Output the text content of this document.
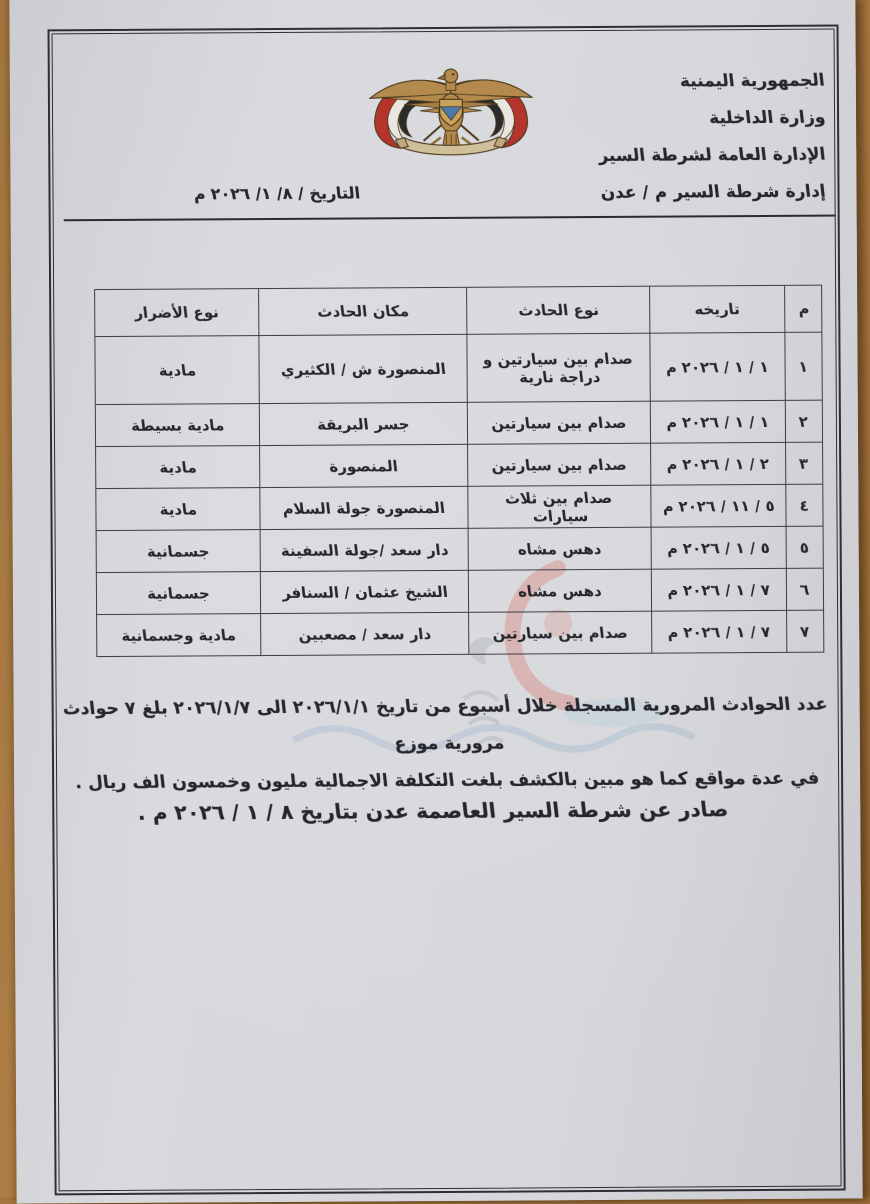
الجمهورية اليمنية
وزارة الداخلية
الإدارة العامة لشرطة السير
إدارة شرطة السير م / عدن
التاريخ / ٨/ ١/ ٢٠٢٦ م
م	تاريخه	نوع الحادث	مكان الحادث	نوع الأضرار
١	١ / ١ / ٢٠٢٦ م	صدام بين سيارتين و دراجة نارية	المنصورة ش / الكثيري	مادية
٢	١ / ١ / ٢٠٢٦ م	صدام بين سيارتين	جسر البريقة	مادية بسيطة
٣	٢ / ١ / ٢٠٢٦ م	صدام بين سيارتين	المنصورة	مادية
٤	٥ / ١١ / ٢٠٢٦ م	صدام بين ثلاث سيارات	المنصورة جولة السلام	مادية
٥	٥ / ١ / ٢٠٢٦ م	دهس مشاه	دار سعد /جولة السفينة	جسمانية
٦	٧ / ١ / ٢٠٢٦ م	دهس مشاه	الشيخ عثمان / السنافر	جسمانية
٧	٧ / ١ / ٢٠٢٦ م	صدام بين سيارتين	دار سعد / مصعبين	مادية وجسمانية
عدد الحوادث المرورية المسجلة خلال أسبوع من تاريخ ٢٠٢٦/١/١ الى ٢٠٢٦/١/٧ بلغ ٧ حوادث مرورية موزع
في عدة مواقع كما هو مبين بالكشف بلغت التكلفة الاجمالية مليون وخمسون الف ريال .
صادر عن شرطة السير العاصمة عدن بتاريخ ٨ / ١ / ٢٠٢٦ م .
